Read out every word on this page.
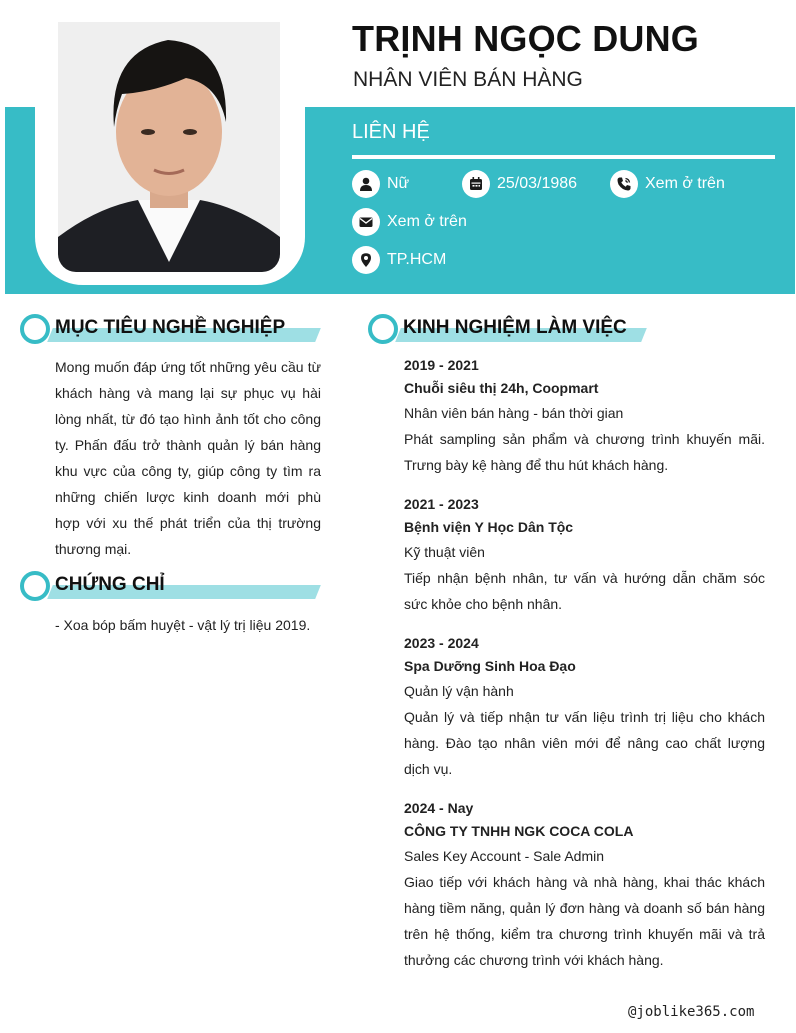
TRỊNH NGỌC DUNG
NHÂN VIÊN BÁN HÀNG
LIÊN HỆ
Nữ	25/03/1986	Xem ở trên
Xem ở trên
TP.HCM
MỤC TIÊU NGHỀ NGHIỆP
Mong muốn đáp ứng tốt những yêu cầu từ khách hàng và mang lại sự phục vụ hài lòng nhất, từ đó tạo hình ảnh tốt cho công ty. Phấn đấu trở thành quản lý bán hàng khu vực của công ty, giúp công ty tìm ra những chiến lược kinh doanh mới phù hợp với xu thế phát triển của thị trường thương mại.
CHỨNG CHỈ
- Xoa bóp bấm huyệt - vật lý trị liệu 2019.
KINH NGHIỆM LÀM VIỆC
2019 - 2021
Chuỗi siêu thị 24h, Coopmart
Nhân viên bán hàng - bán thời gian
Phát sampling sản phẩm và chương trình khuyến mãi. Trưng bày kệ hàng để thu hút khách hàng.
2021 - 2023
Bệnh viện Y Học Dân Tộc
Kỹ thuật viên
Tiếp nhận bệnh nhân, tư vấn và hướng dẫn chăm sóc sức khỏe cho bệnh nhân.
2023 - 2024
Spa Dưỡng Sinh Hoa Đạo
Quản lý vận hành
Quản lý và tiếp nhận tư vấn liệu trình trị liệu cho khách hàng. Đào tạo nhân viên mới để nâng cao chất lượng dịch vụ.
2024 - Nay
CÔNG TY TNHH NGK COCA COLA
Sales Key Account - Sale Admin
Giao tiếp với khách hàng và nhà hàng, khai thác khách hàng tiềm năng, quản lý đơn hàng và doanh số bán hàng trên hệ thống, kiểm tra chương trình khuyến mãi và trả thưởng các chương trình với khách hàng.
@joblike365.com
